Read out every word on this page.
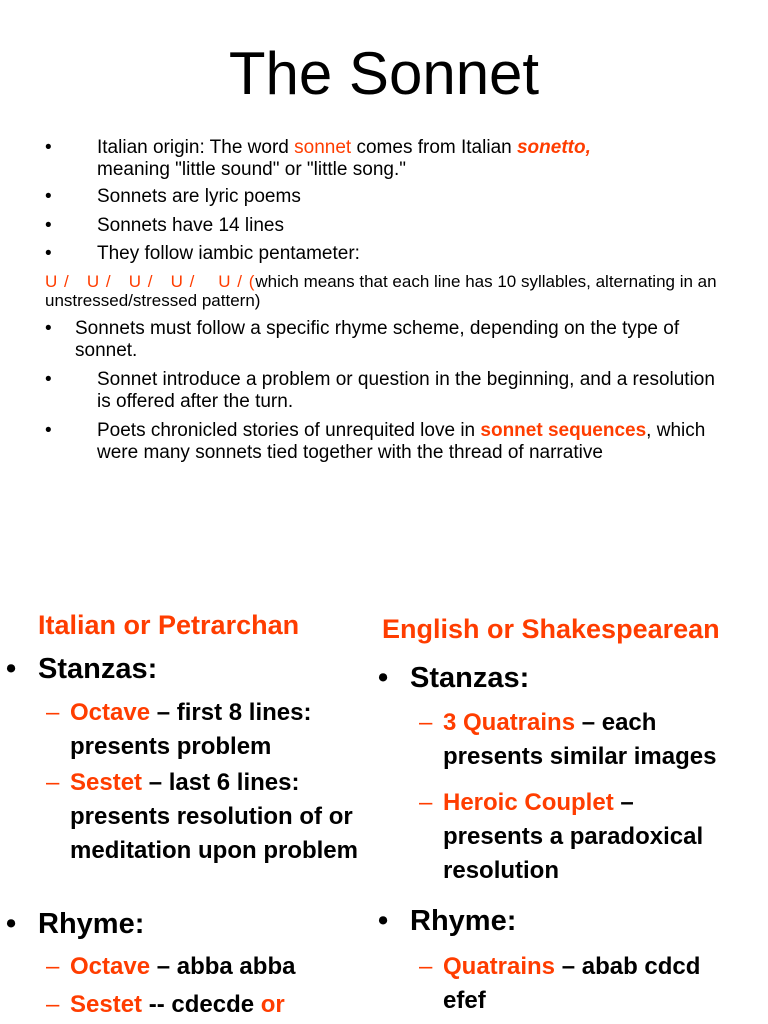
The Sonnet
• Italian origin: The word sonnet comes from Italian sonetto,
meaning "little sound" or "little song."
• Sonnets are lyric poems
• Sonnets have 14 lines
• They follow iambic pentameter:
U /   U /   U /   U /    U / (which means that each line has 10 syllables, alternating in an unstressed/stressed pattern)
• Sonnets must follow a specific rhyme scheme, depending on the type of sonnet.
• Sonnet introduce a problem or question in the beginning, and a resolution is offered after the turn.
• Poets chronicled stories of unrequited love in sonnet sequences, which were many sonnets tied together with the thread of narrative
Italian or Petrarchan
• Stanzas:
– Octave – first 8 lines: presents problem
– Sestet – last 6 lines: presents resolution of or meditation upon problem
• Rhyme:
– Octave – abba abba
– Sestet -- cdecde or
English or Shakespearean
• Stanzas:
– 3 Quatrains – each presents similar images
– Heroic Couplet – presents a paradoxical resolution
• Rhyme:
– Quatrains – abab cdcd efef
